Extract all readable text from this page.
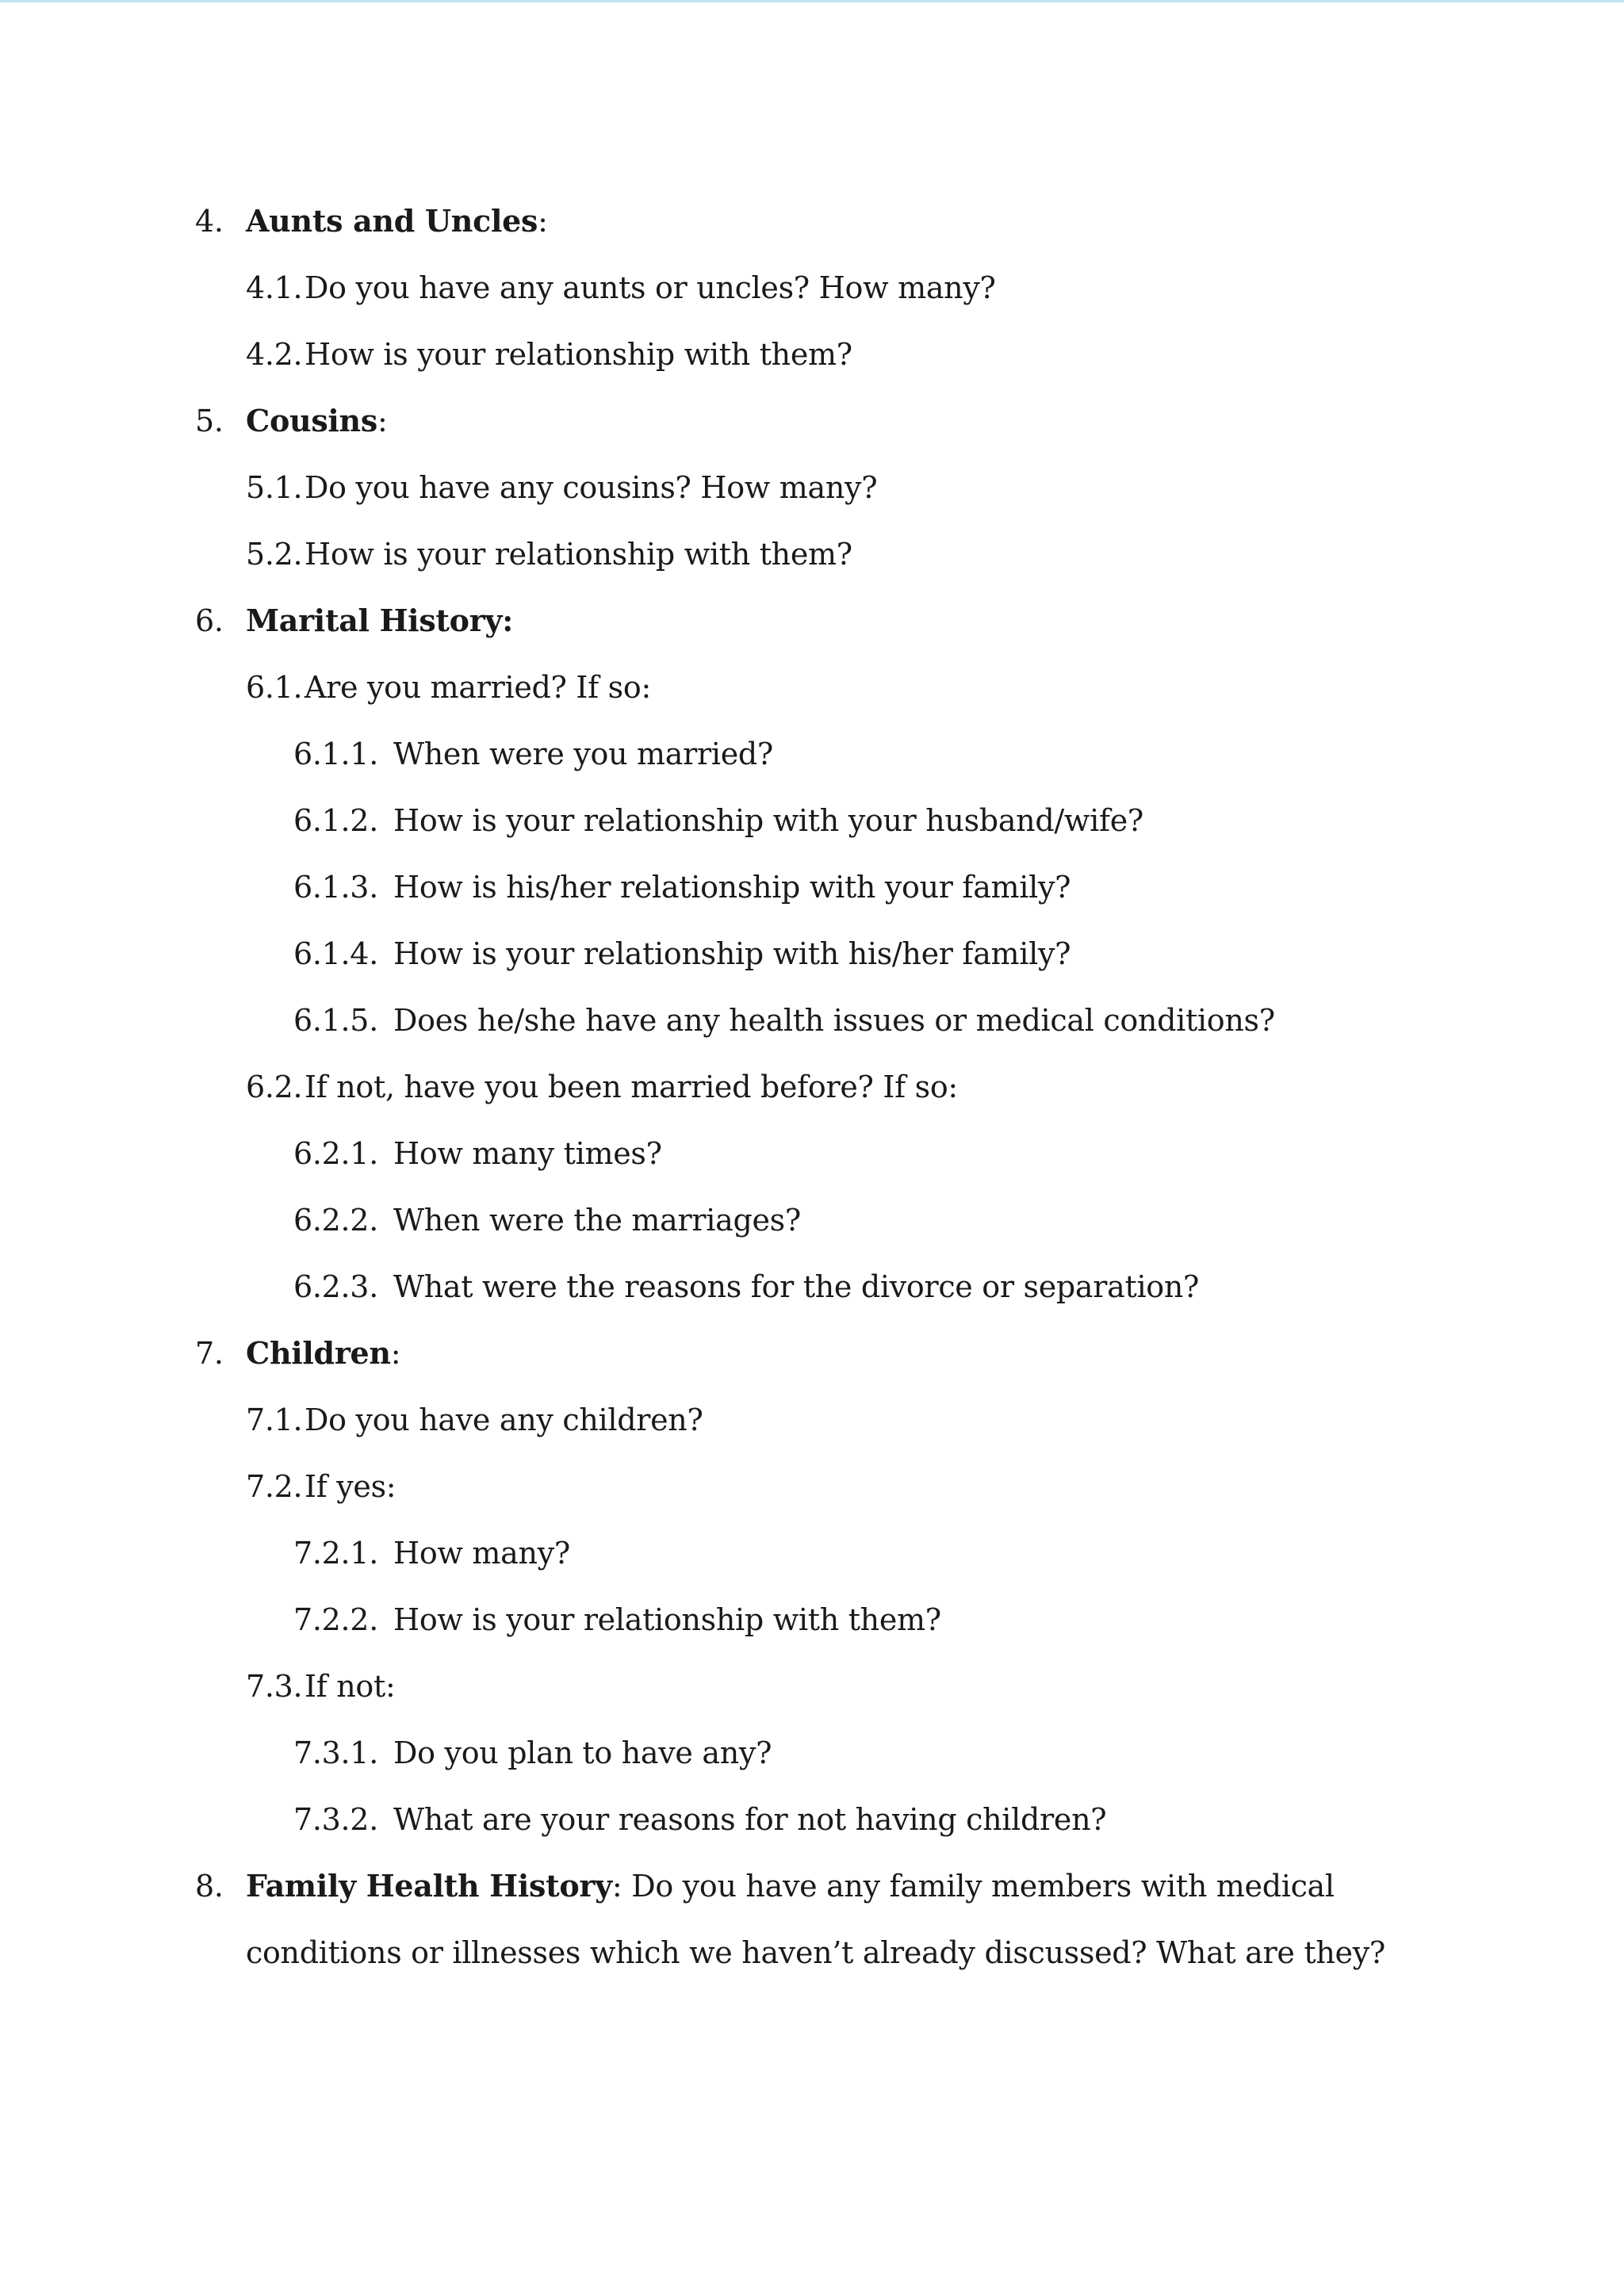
4. Aunts and Uncles:
4.1. Do you have any aunts or uncles? How many?
4.2. How is your relationship with them?
5. Cousins:
5.1. Do you have any cousins? How many?
5.2. How is your relationship with them?
6. Marital History:
6.1. Are you married? If so:
6.1.1. When were you married?
6.1.2. How is your relationship with your husband/wife?
6.1.3. How is his/her relationship with your family?
6.1.4. How is your relationship with his/her family?
6.1.5. Does he/she have any health issues or medical conditions?
6.2. If not, have you been married before? If so:
6.2.1. How many times?
6.2.2. When were the marriages?
6.2.3. What were the reasons for the divorce or separation?
7. Children:
7.1. Do you have any children?
7.2. If yes:
7.2.1. How many?
7.2.2. How is your relationship with them?
7.3. If not:
7.3.1. Do you plan to have any?
7.3.2. What are your reasons for not having children?
8. Family Health History: Do you have any family members with medical
conditions or illnesses which we haven’t already discussed? What are they?
